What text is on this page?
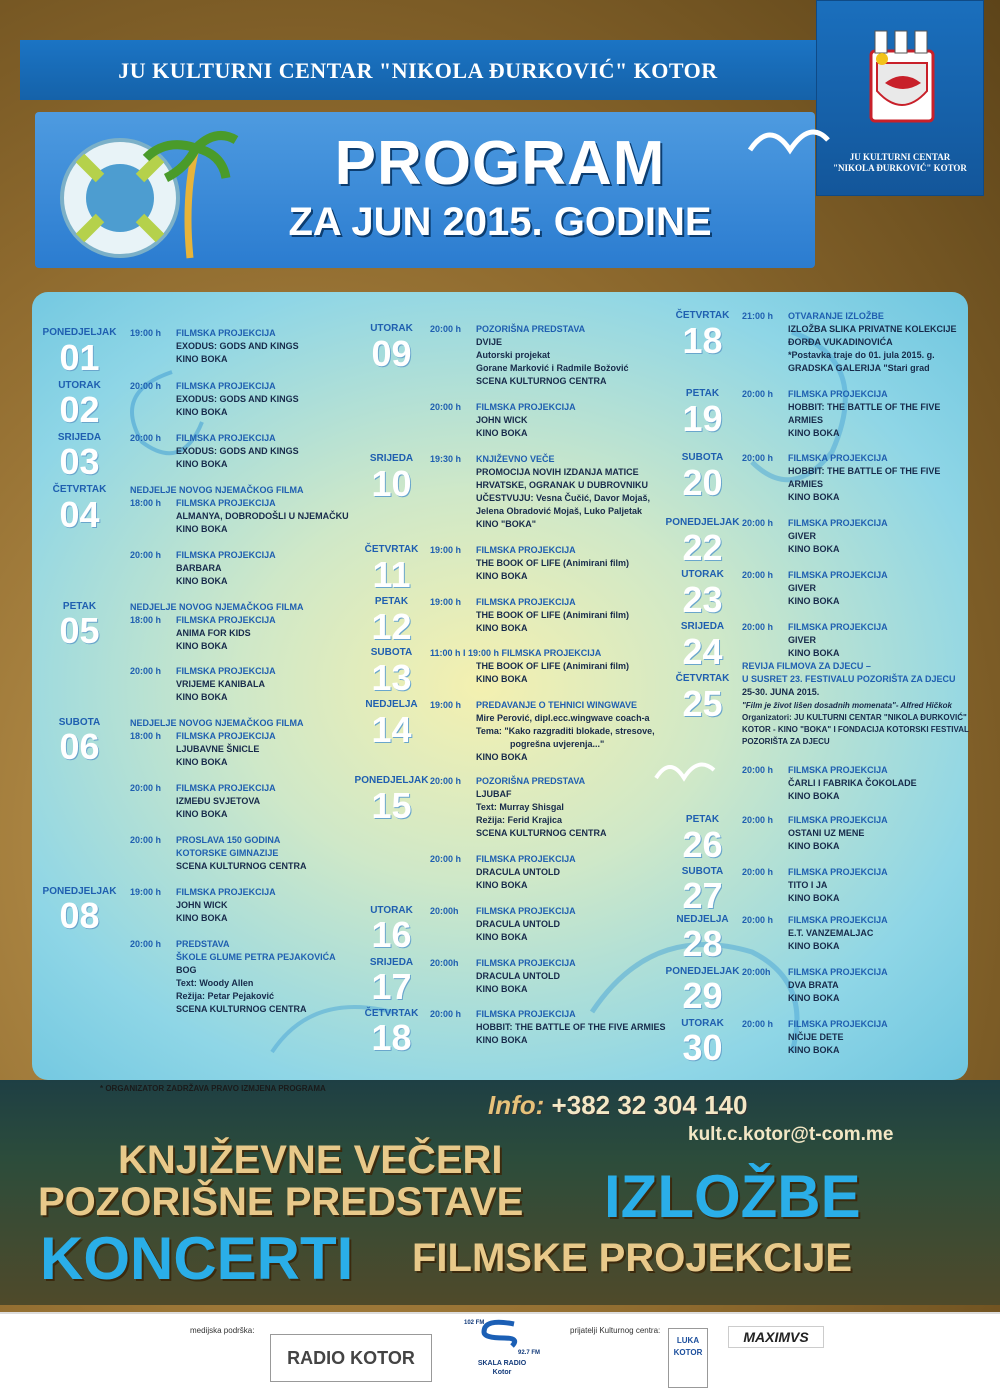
JU KULTURNI CENTAR "NIKOLA ĐURKOVIĆ" KOTOR
JU KULTURNI CENTAR
"NIKOLA ĐURKOVIĆ" KOTOR
PROGRAM
ZA JUN 2015. GODINE
PONEDJELJAK
01
19:00 h FILMSKA PROJEKCIJA
EXODUS: GODS AND KINGS
KINO BOKA
UTORAK
02
20:00 h FILMSKA PROJEKCIJA
EXODUS: GODS AND KINGS
KINO BOKA
SRIJEDA
03
20:00 h FILMSKA PROJEKCIJA
EXODUS: GODS AND KINGS
KINO BOKA
ČETVRTAK
04
NEDJELJE NOVOG NJEMAČKOG FILMA
18:00 h FILMSKA PROJEKCIJA
ALMANYA, DOBRODOŠLI U NJEMAČKU
KINO BOKA
20:00 h FILMSKA PROJEKCIJA
BARBARA
KINO BOKA
PETAK
05
NEDJELJE NOVOG NJEMAČKOG FILMA
18:00 h FILMSKA PROJEKCIJA
ANIMA FOR KIDS
KINO BOKA
20:00 h FILMSKA PROJEKCIJA
VRIJEME KANIBALA
KINO BOKA
SUBOTA
06
NEDJELJE NOVOG NJEMAČKOG FILMA
18:00 h FILMSKA PROJEKCIJA
LJUBAVNE ŠNICLE
KINO BOKA
20:00 h FILMSKA PROJEKCIJA
IZMEĐU SVJETOVA
KINO BOKA
20:00 h PROSLAVA 150 GODINA
KOTORSKE GIMNAZIJE
SCENA KULTURNOG CENTRA
PONEDJELJAK
08
19:00 h FILMSKA PROJEKCIJA
JOHN WICK
KINO BOKA
20:00 h PREDSTAVA
ŠKOLE GLUME PETRA PEJAKOVIĆA
BOG
Text: Woody Allen
Režija: Petar Pejaković
SCENA KULTURNOG CENTRA
UTORAK
09
20:00 h POZORIŠNA PREDSTAVA
DVIJE
Autorski projekat
Gorane Marković i Radmile Božović
SCENA KULTURNOG CENTRA
20:00 h FILMSKA PROJEKCIJA
JOHN WICK
KINO BOKA
SRIJEDA
10
19:30 h KNJIŽEVNO VEČE
PROMOCIJA NOVIH IZDANJA MATICE
HRVATSKE, OGRANAK U DUBROVNIKU
UČESTVUJU: Vesna Čučić, Davor Mojaš,
Jelena Obradović Mojaš, Luko Paljetak
KINO "BOKA"
ČETVRTAK
11
19:00 h FILMSKA PROJEKCIJA
THE BOOK OF LIFE (Animirani film)
KINO BOKA
PETAK
12
19:00 h FILMSKA PROJEKCIJA
THE BOOK OF LIFE (Animirani film)
KINO BOKA
SUBOTA
13
11:00 h I 19:00 h FILMSKA PROJEKCIJA
THE BOOK OF LIFE (Animirani film)
KINO BOKA
NEDJELJA
14
19:00 h PREDAVANJE O TEHNICI WINGWAVE
Mire Perović, dipl.ecc.wingwave coach-a
Tema: "Kako razgraditi blokade, stresove,
pogrešna uvjerenja..."
KINO BOKA
PONEDJELJAK
15
20:00 h POZORIŠNA PREDSTAVA
LJUBAF
Text: Murray Shisgal
Režija: Ferid Krajica
SCENA KULTURNOG CENTRA
20:00 h FILMSKA PROJEKCIJA
DRACULA UNTOLD
KINO BOKA
UTORAK
16
20:00h FILMSKA PROJEKCIJA
DRACULA UNTOLD
KINO BOKA
SRIJEDA
17
20:00h FILMSKA PROJEKCIJA
DRACULA UNTOLD
KINO BOKA
ČETVRTAK
18
20:00 h FILMSKA PROJEKCIJA
HOBBIT: THE BATTLE OF THE FIVE ARMIES
KINO BOKA
ČETVRTAK
18
21:00 h OTVARANJE IZLOŽBE
IZLOŽBA SLIKA PRIVATNE KOLEKCIJE
ĐORĐA VUKADINOVIĆA
*Postavka traje do 01. jula 2015. g.
GRADSKA GALERIJA "Stari grad
PETAK
19
20:00 h FILMSKA PROJEKCIJA
HOBBIT: THE BATTLE OF THE FIVE
ARMIES
KINO BOKA
SUBOTA
20
20:00 h FILMSKA PROJEKCIJA
HOBBIT: THE BATTLE OF THE FIVE
ARMIES
KINO BOKA
PONEDJELJAK
22
20:00 h FILMSKA PROJEKCIJA
GIVER
KINO BOKA
UTORAK
23
20:00 h FILMSKA PROJEKCIJA
GIVER
KINO BOKA
SRIJEDA
24
20:00 h FILMSKA PROJEKCIJA
GIVER
KINO BOKA
ČETVRTAK
25
REVIJA FILMOVA ZA DJECU –
U SUSRET 23. FESTIVALU POZORIŠTA ZA DJECU
25-30. JUNA 2015.
"Film je život lišen dosadnih momenata"- Alfred Hičkok
Organizatori: JU KULTURNI CENTAR "NIKOLA ĐURKOVIĆ"
KOTOR - KINO "BOKA" I FONDACIJA KOTORSKI FESTIVAL
POZORIŠTA ZA DJECU
20:00 h FILMSKA PROJEKCIJA
ČARLI I FABRIKA ČOKOLADE
KINO BOKA
PETAK
26
20:00 h FILMSKA PROJEKCIJA
OSTANI UZ MENE
KINO BOKA
SUBOTA
27
20:00 h FILMSKA PROJEKCIJA
TITO I JA
KINO BOKA
NEDJELJA
28
20:00 h FILMSKA PROJEKCIJA
E.T. VANZEMALJAC
KINO BOKA
PONEDJELJAK
29
20:00h FILMSKA PROJEKCIJA
DVA BRATA
KINO BOKA
UTORAK
30
20:00 h FILMSKA PROJEKCIJA
NIČIJE DETE
KINO BOKA
* ORGANIZATOR ZADRŽAVA PRAVO IZMJENA PROGRAMA
Info: +382 32 304 140
kult.c.kotor@t-com.me
KNJIŽEVNE VEČERI
POZORIŠNE PREDSTAVE IZLOŽBE
KONCERTI FILMSKE PROJEKCIJE
medijska podrška:
RADIO KOTOR
102 FM
92.7 FM
SKALA RADIO
Kotor
prijatelji Kulturnog centra:
LUKA KOTOR
MAXIMVS
